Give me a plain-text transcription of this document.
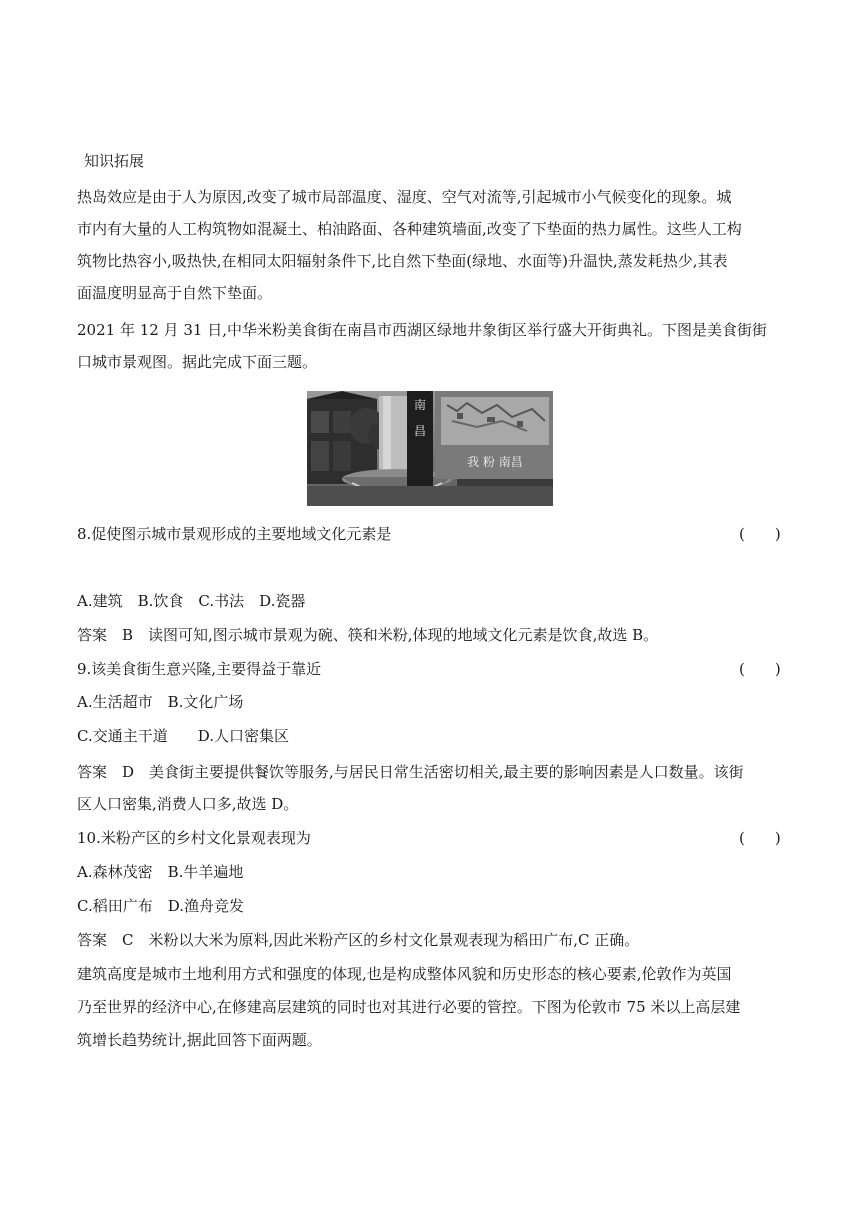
知识拓展
热岛效应是由于人为原因,改变了城市局部温度、湿度、空气对流等,引起城市小气候变化的现象。城
市内有大量的人工构筑物如混凝土、柏油路面、各种建筑墙面,改变了下垫面的热力属性。这些人工构
筑物比热容小,吸热快,在相同太阳辐射条件下,比自然下垫面(绿地、水面等)升温快,蒸发耗热少,其表
面温度明显高于自然下垫面。
2021 年 12 月 31 日,中华米粉美食街在南昌市西湖区绿地井象街区举行盛大开街典礼。下图是美食街街
口城市景观图。据此完成下面三题。
南
昌
我 粉 南昌
8.促使图示城市景观形成的主要地域文化元素是	(　　)
A.建筑　B.饮食　C.书法　D.瓷器
答案　B　读图可知,图示城市景观为碗、筷和米粉,体现的地域文化元素是饮食,故选 B。
9.该美食街生意兴隆,主要得益于靠近	(　　)
A.生活超市　B.文化广场
C.交通主干道　　D.人口密集区
答案　D　美食街主要提供餐饮等服务,与居民日常生活密切相关,最主要的影响因素是人口数量。该街
区人口密集,消费人口多,故选 D。
10.米粉产区的乡村文化景观表现为	(　　)
A.森林茂密　B.牛羊遍地
C.稻田广布　D.渔舟竞发
答案　C　米粉以大米为原料,因此米粉产区的乡村文化景观表现为稻田广布,C 正确。
建筑高度是城市土地利用方式和强度的体现,也是构成整体风貌和历史形态的核心要素,伦敦作为英国
乃至世界的经济中心,在修建高层建筑的同时也对其进行必要的管控。下图为伦敦市 75 米以上高层建
筑增长趋势统计,据此回答下面两题。
